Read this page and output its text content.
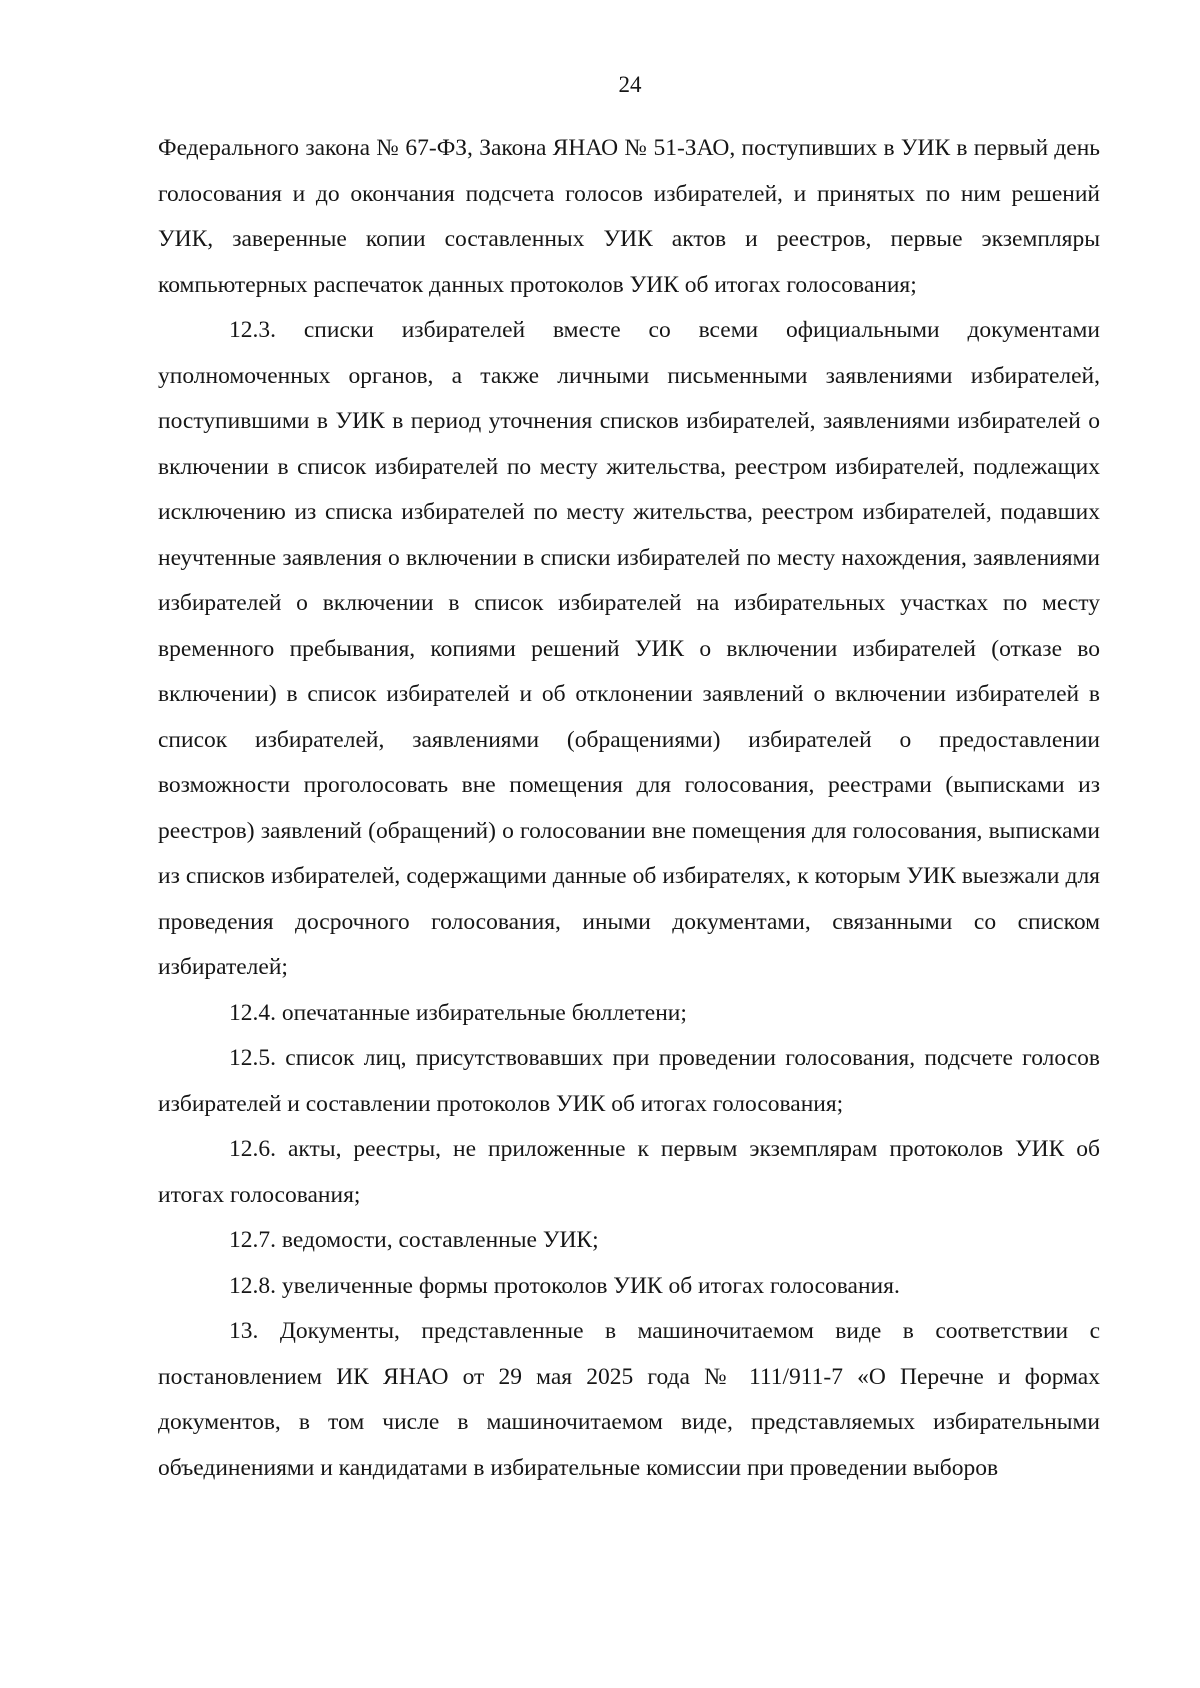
24

Федерального закона № 67-ФЗ, Закона ЯНАО № 51-ЗАО, поступивших в УИК в первый день голосования и до окончания подсчета голосов избирателей, и принятых по ним решений УИК, заверенные копии составленных УИК актов и реестров, первые экземпляры компьютерных распечаток данных протоколов УИК об итогах голосования;

12.3. списки избирателей вместе со всеми официальными документами уполномоченных органов, а также личными письменными заявлениями избирателей, поступившими в УИК в период уточнения списков избирателей, заявлениями избирателей о включении в список избирателей по месту жительства, реестром избирателей, подлежащих исключению из списка избирателей по месту жительства, реестром избирателей, подавших неучтенные заявления о включении в списки избирателей по месту нахождения, заявлениями избирателей о включении в список избирателей на избирательных участках по месту временного пребывания, копиями решений УИК о включении избирателей (отказе во включении) в список избирателей и об отклонении заявлений о включении избирателей в список избирателей, заявлениями (обращениями) избирателей о предоставлении возможности проголосовать вне помещения для голосования, реестрами (выписками из реестров) заявлений (обращений) о голосовании вне помещения для голосования, выписками из списков избирателей, содержащими данные об избирателях, к которым УИК выезжали для проведения досрочного голосования, иными документами, связанными со списком избирателей;

12.4. опечатанные избирательные бюллетени;

12.5. список лиц, присутствовавших при проведении голосования, подсчете голосов избирателей и составлении протоколов УИК об итогах голосования;

12.6. акты, реестры, не приложенные к первым экземплярам протоколов УИК об итогах голосования;

12.7. ведомости, составленные УИК;

12.8. увеличенные формы протоколов УИК об итогах голосования.

13. Документы, представленные в машиночитаемом виде в соответствии с постановлением ИК ЯНАО от 29 мая 2025 года № 111/911-7 «О Перечне и формах документов, в том числе в машиночитаемом виде, представляемых избирательными объединениями и кандидатами в избирательные комиссии при проведении выборов
